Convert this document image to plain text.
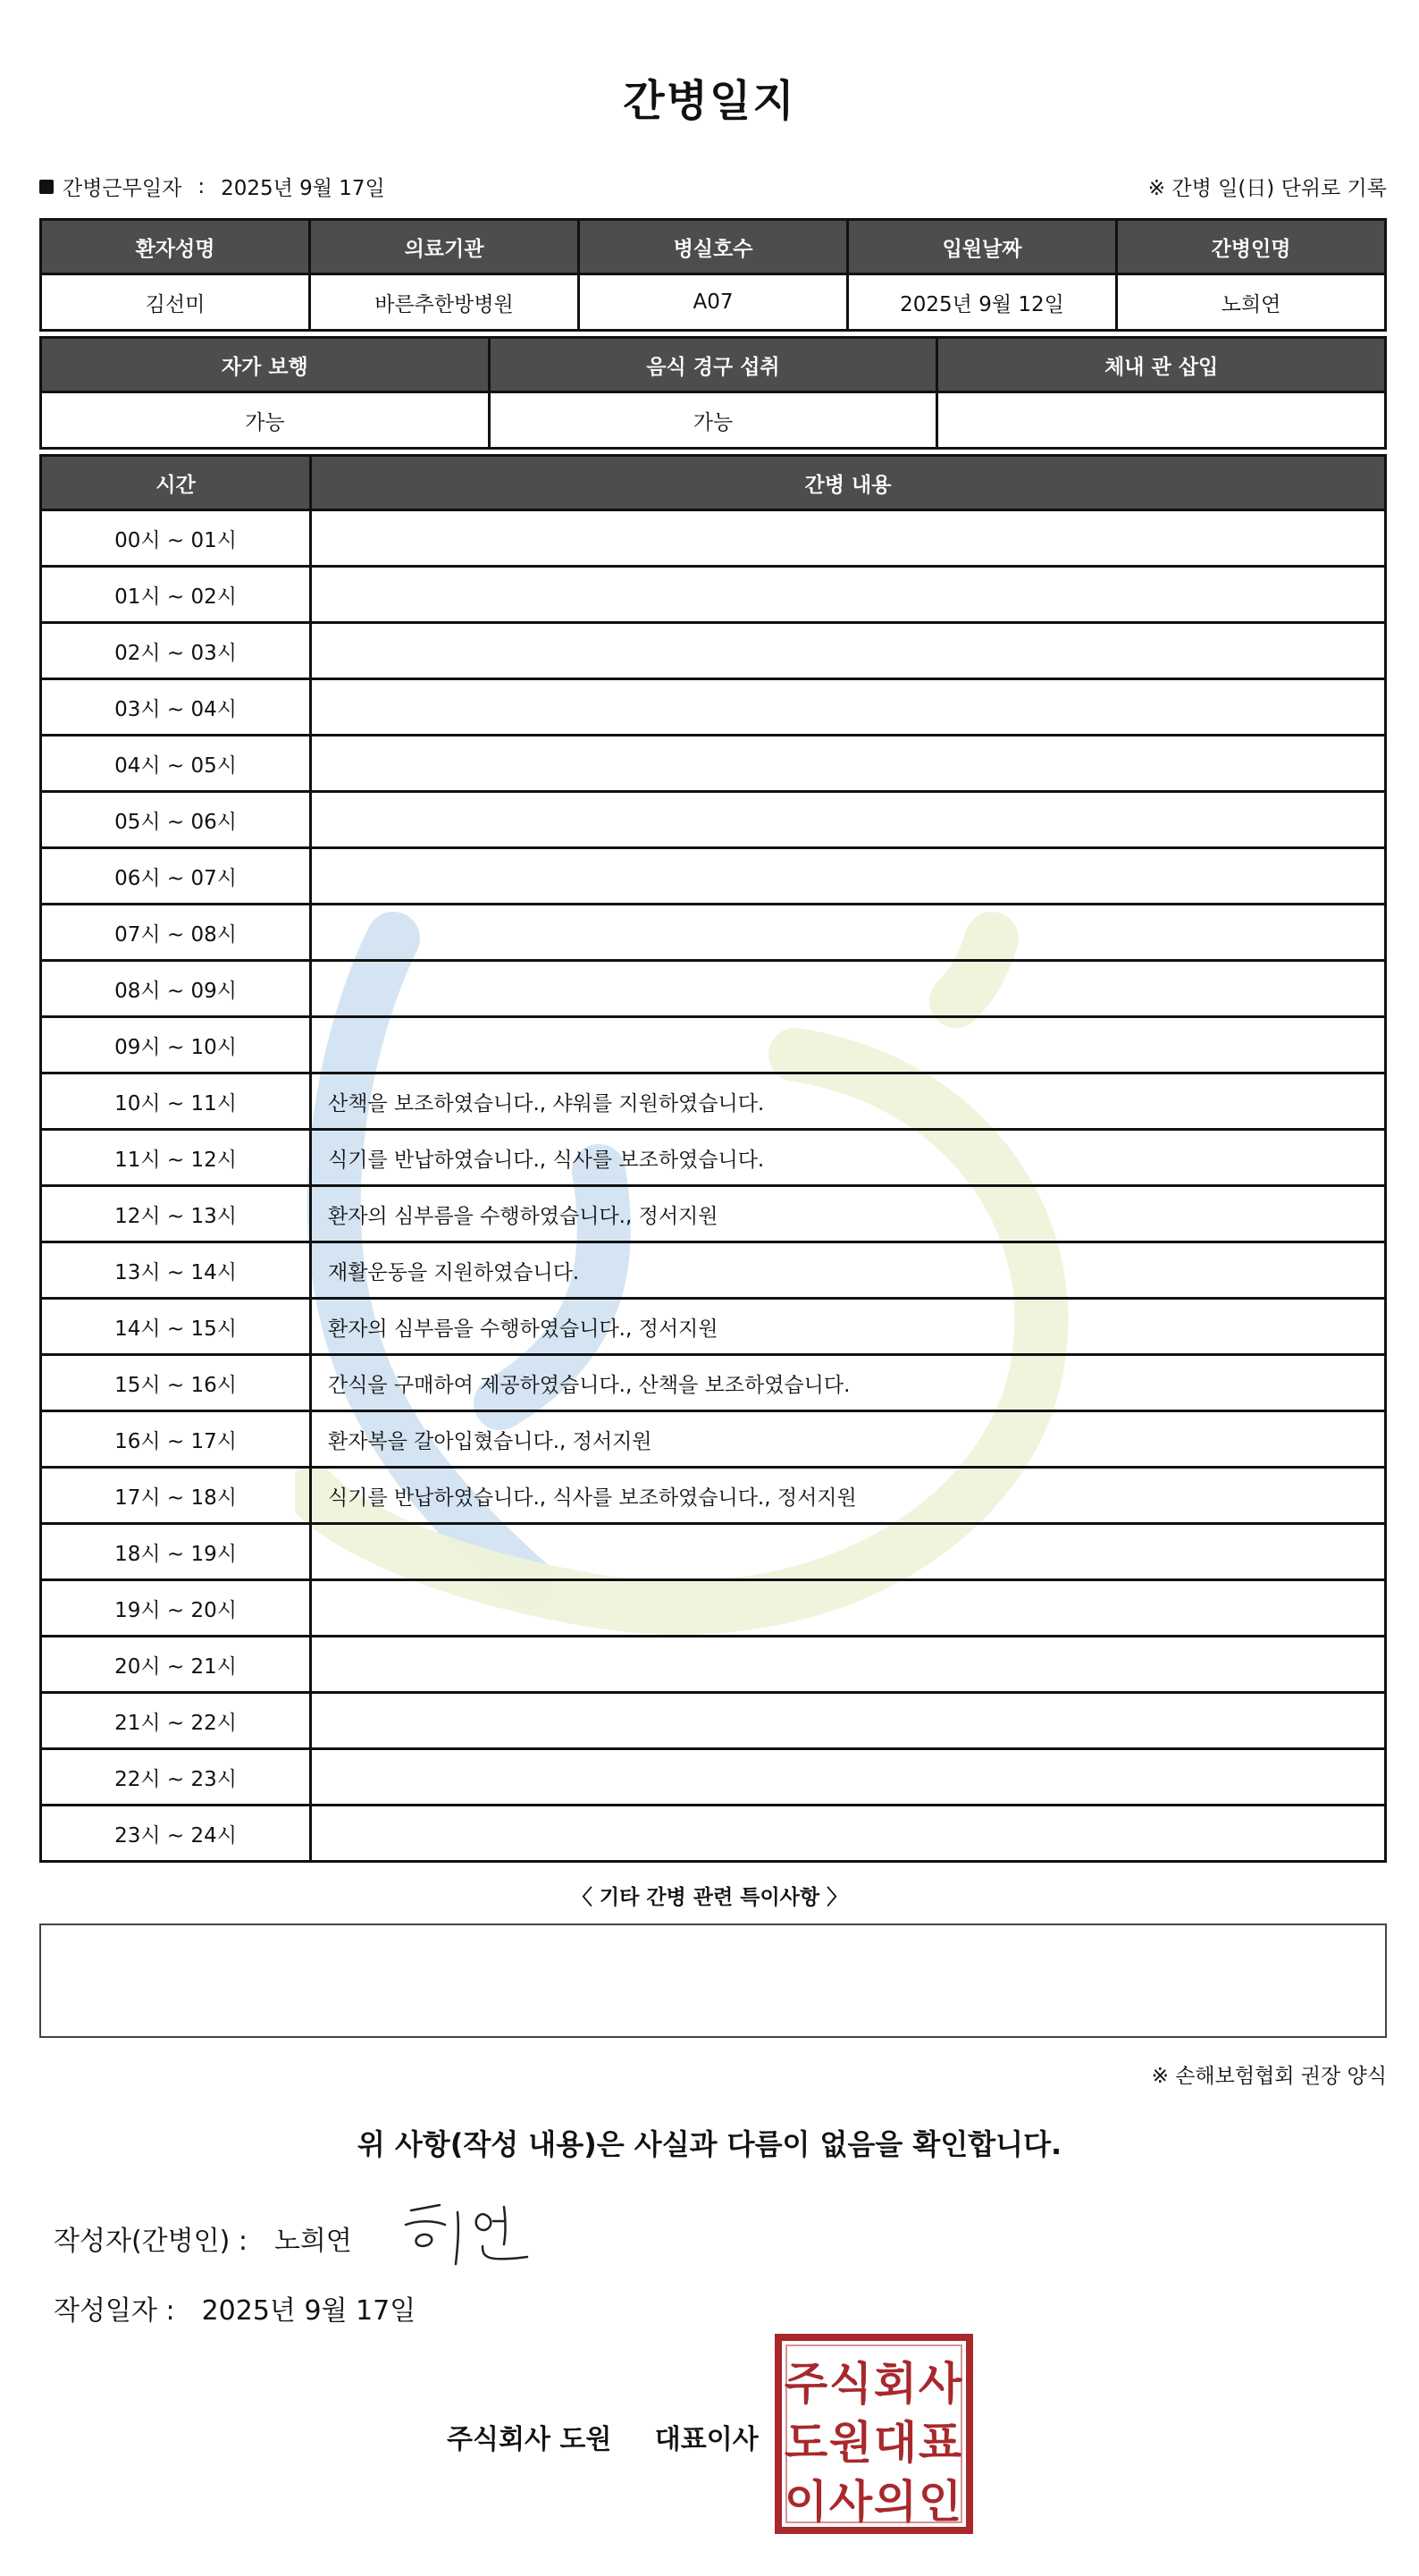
간병일지
간병근무일자 : 2025년 9월 17일	※ 간병 일(日) 단위로 기록
환자성명	의료기관	병실호수	입원날짜	간병인명
김선미	바른추한방병원	A07	2025년 9월 12일	노희연
자가 보행	음식 경구 섭취	체내 관 삽입
가능	가능	
시간	간병 내용
00시 ~ 01시	
01시 ~ 02시	
02시 ~ 03시	
03시 ~ 04시	
04시 ~ 05시	
05시 ~ 06시	
06시 ~ 07시	
07시 ~ 08시	
08시 ~ 09시	
09시 ~ 10시	
10시 ~ 11시	산책을 보조하였습니다., 샤워를 지원하였습니다.
11시 ~ 12시	식기를 반납하였습니다., 식사를 보조하였습니다.
12시 ~ 13시	환자의 심부름을 수행하였습니다., 정서지원
13시 ~ 14시	재활운동을 지원하였습니다.
14시 ~ 15시	환자의 심부름을 수행하였습니다., 정서지원
15시 ~ 16시	간식을 구매하여 제공하였습니다., 산책을 보조하였습니다.
16시 ~ 17시	환자복을 갈아입혔습니다., 정서지원
17시 ~ 18시	식기를 반납하였습니다., 식사를 보조하였습니다., 정서지원
18시 ~ 19시	
19시 ~ 20시	
20시 ~ 21시	
21시 ~ 22시	
22시 ~ 23시	
23시 ~ 24시	
〈 기타 간병 관련 특이사항 〉
※ 손해보험협회 권장 양식
위 사항(작성 내용)은 사실과 다름이 없음을 확인합니다.
작성자(간병인) : 노희연
작성일자 : 2025년 9월 17일
주식회사 도원 대표이사
주 식 회 사
도 원 대 표
이 사 의 인
